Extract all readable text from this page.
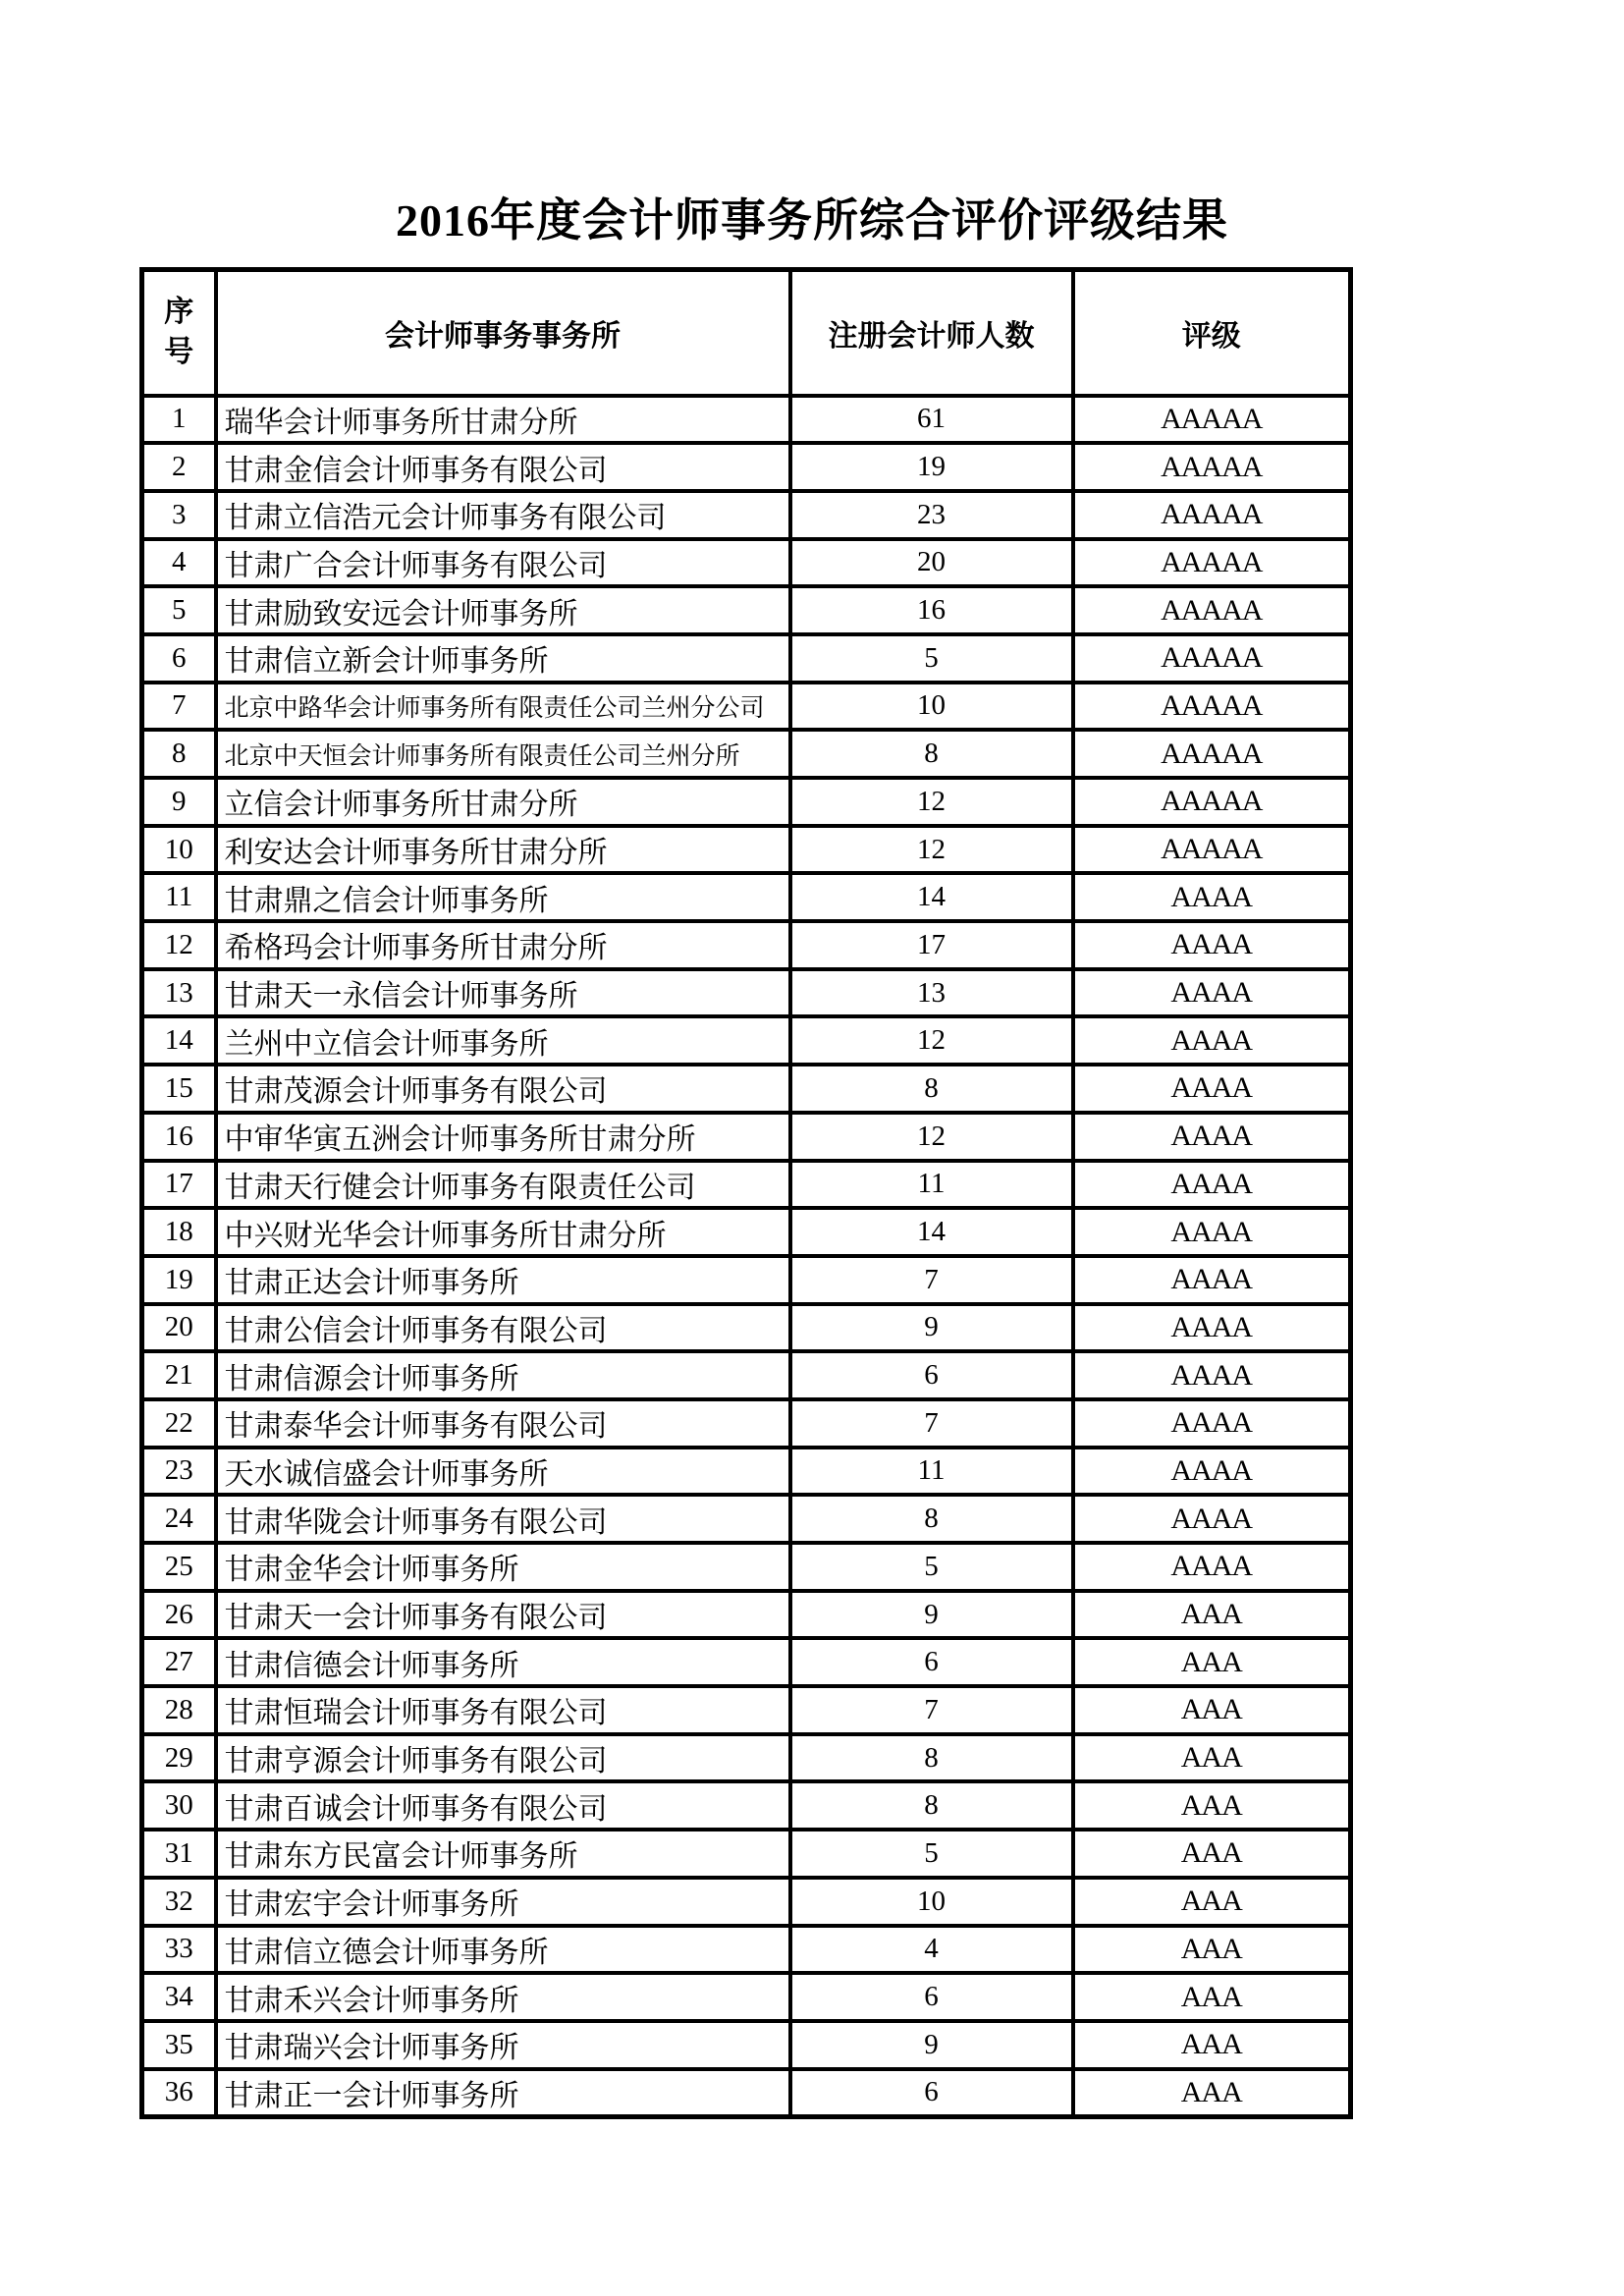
2016年度会计师事务所综合评价评级结果
序号	会计师事务事务所	注册会计师人数	评级
1	瑞华会计师事务所甘肃分所	61	AAAAA
2	甘肃金信会计师事务有限公司	19	AAAAA
3	甘肃立信浩元会计师事务有限公司	23	AAAAA
4	甘肃广合会计师事务有限公司	20	AAAAA
5	甘肃励致安远会计师事务所	16	AAAAA
6	甘肃信立新会计师事务所	5	AAAAA
7	北京中路华会计师事务所有限责任公司兰州分公司	10	AAAAA
8	北京中天恒会计师事务所有限责任公司兰州分所	8	AAAAA
9	立信会计师事务所甘肃分所	12	AAAAA
10	利安达会计师事务所甘肃分所	12	AAAAA
11	甘肃鼎之信会计师事务所	14	AAAA
12	希格玛会计师事务所甘肃分所	17	AAAA
13	甘肃天一永信会计师事务所	13	AAAA
14	兰州中立信会计师事务所	12	AAAA
15	甘肃茂源会计师事务有限公司	8	AAAA
16	中审华寅五洲会计师事务所甘肃分所	12	AAAA
17	甘肃天行健会计师事务有限责任公司	11	AAAA
18	中兴财光华会计师事务所甘肃分所	14	AAAA
19	甘肃正达会计师事务所	7	AAAA
20	甘肃公信会计师事务有限公司	9	AAAA
21	甘肃信源会计师事务所	6	AAAA
22	甘肃泰华会计师事务有限公司	7	AAAA
23	天水诚信盛会计师事务所	11	AAAA
24	甘肃华陇会计师事务有限公司	8	AAAA
25	甘肃金华会计师事务所	5	AAAA
26	甘肃天一会计师事务有限公司	9	AAA
27	甘肃信德会计师事务所	6	AAA
28	甘肃恒瑞会计师事务有限公司	7	AAA
29	甘肃亨源会计师事务有限公司	8	AAA
30	甘肃百诚会计师事务有限公司	8	AAA
31	甘肃东方民富会计师事务所	5	AAA
32	甘肃宏宇会计师事务所	10	AAA
33	甘肃信立德会计师事务所	4	AAA
34	甘肃禾兴会计师事务所	6	AAA
35	甘肃瑞兴会计师事务所	9	AAA
36	甘肃正一会计师事务所	6	AAA
